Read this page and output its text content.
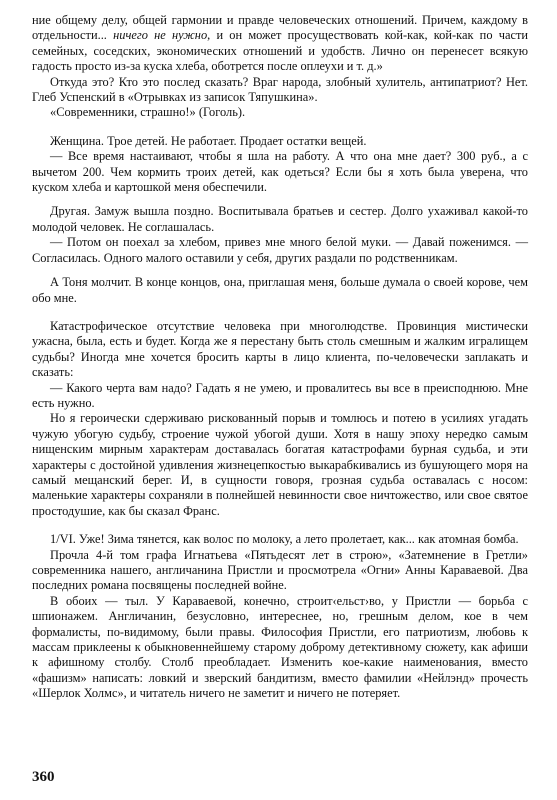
ние общему делу, общей гармонии и правде человеческих отношений. Причем, каждому в отдельности... ничего не нужно, и он может просуществовать кой-как, кой-как по части семейных, соседских, экономических отношений и удобств. Лично он перенесет всякую гадость просто из-за куска хлеба, оботрется после оплеухи и т. д.»

Откуда это? Кто это послед сказать? Враг народа, злобный хулитель, антипатриот? Нет. Глеб Успенский в «Отрывках из записок Тяпушкина».

«Современники, страшно!» (Гоголь).

Женщина. Трое детей. Не работает. Продает остатки вещей.

— Все время настаивают, чтобы я шла на работу. А что она мне дает? 300 руб., а с вычетом 200. Чем кормить троих детей, как одеться? Если бы я хоть была уверена, что куском хлеба и картошкой меня обеспечили.

Другая. Замуж вышла поздно. Воспитывала братьев и сестер. Долго ухаживал какой-то молодой человек. Не соглашалась.

— Потом он поехал за хлебом, привез мне много белой муки. — Давай поженимся. — Согласилась. Одного малого оставили у себя, других раздали по родственникам.

А Тоня молчит. В конце концов, она, приглашая меня, больше думала о своей корове, чем обо мне.

Катастрофическое отсутствие человека при многолюдстве. Провинция мистически ужасна, была, есть и будет. Когда же я перестану быть столь смешным и жалким игралищем судьбы? Иногда мне хочется бросить карты в лицо клиента, по-человечески заплакать и сказать:

— Какого черта вам надо? Гадать я не умею, и провалитесь вы все в преисподнюю. Мне есть нужно.

Но я героически сдерживаю рискованный порыв и томлюсь и потею в усилиях угадать чужую убогую судьбу, строение чужой убогой души. Хотя в нашу эпоху нередко самым нищенским мирным характерам доставалась богатая катастрофами бурная судьба, и эти характеры с достойной удивления жизнецепкостью выкарабкивались из бушующего моря на самый мещанский берег. И, в сущности говоря, грозная судьба оставалась с носом: маленькие характеры сохраняли в полнейшей невинности свое ничтожество, или свое святое простодушие, как бы сказал Франс.

1/VI. Уже! Зима тянется, как волос по молоку, а лето пролетает, как... как атомная бомба.

Прочла 4-й том графа Игнатьева «Пятьдесят лет в строю», «Затемнение в Гретли» современника нашего, англичанина Пристли и просмотрела «Огни» Анны Караваевой. Два последних романа посвящены последней войне.

В обоих — тыл. У Караваевой, конечно, строит‹ельст›во, у Пристли — борьба с шпионажем. Англичанин, безусловно, интереснее, но, грешным делом, кое в чем формалисты, по-видимому, были правы. Философия Пристли, его патриотизм, любовь к массам приклеены к обыкновеннейшему старому доброму детективному сюжету, как афиши к афишному столбу. Столб преобладает. Изменить кое-какие наименования, вместо «фашизм» написать: ловкий и зверский бандитизм, вместо фамилии «Нейлэнд» прочесть «Шерлок Холмс», и читатель ничего не заметит и ничего не потеряет.

360
